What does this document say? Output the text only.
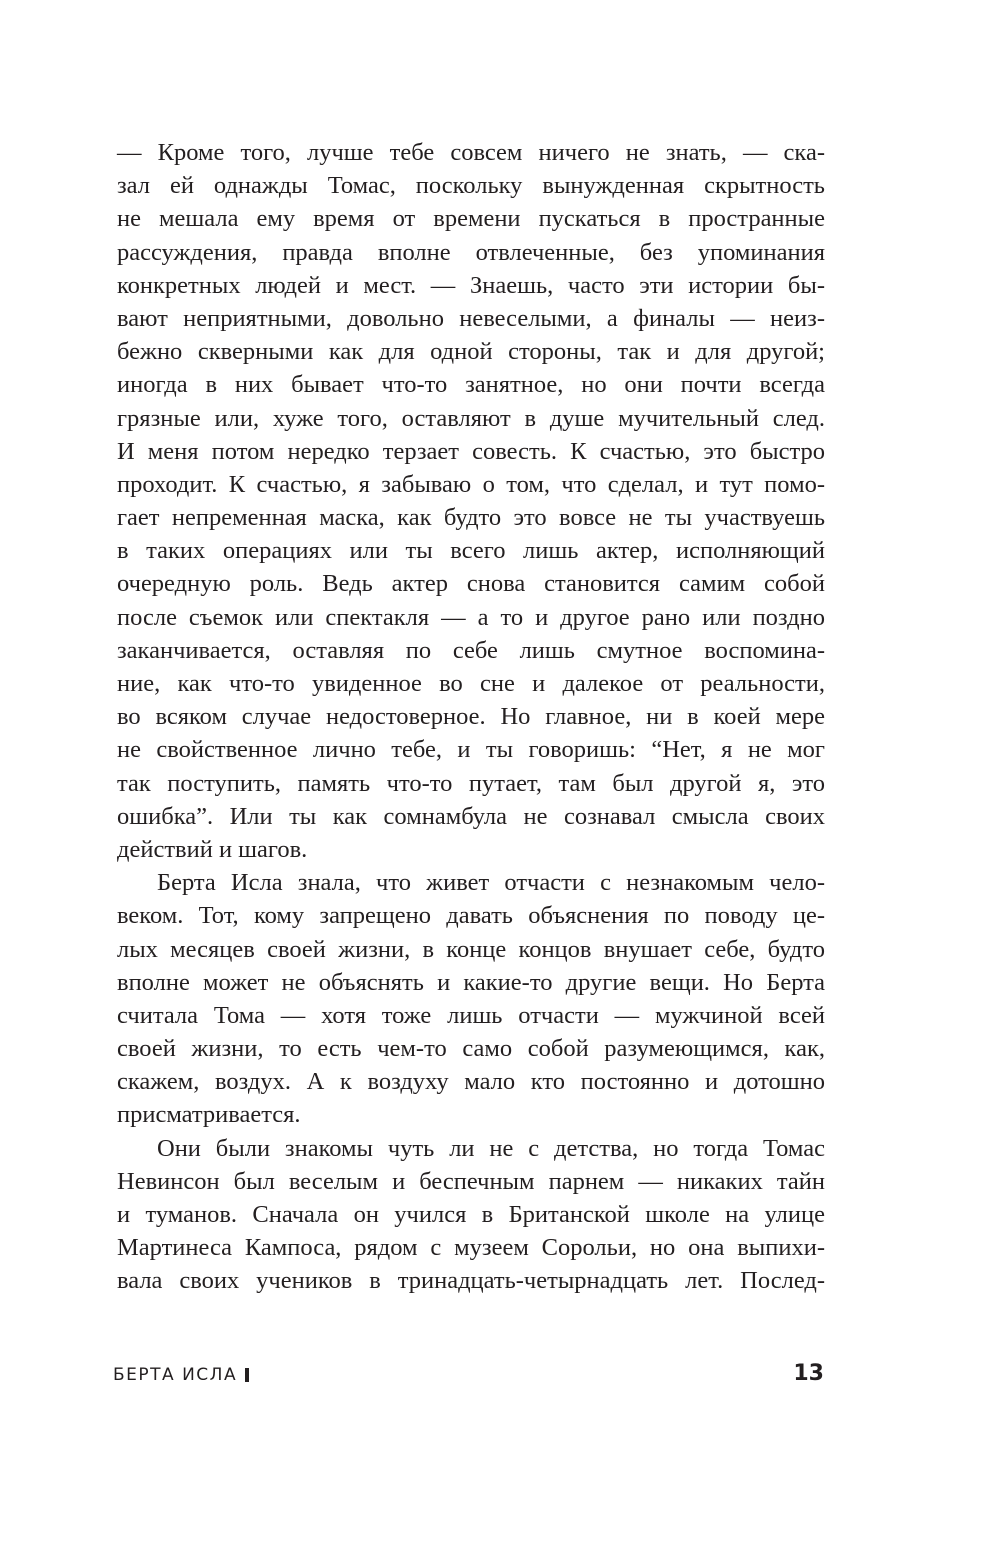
— Кроме того, лучше тебе совсем ничего не знать, — ска-
зал ей однажды Томас, поскольку вынужденная скрытность
не мешала ему время от времени пускаться в пространные
рассуждения, правда вполне отвлеченные, без упоминания
конкретных людей и мест. — Знаешь, часто эти истории бы-
вают неприятными, довольно невеселыми, а финалы — неиз-
бежно скверными как для одной стороны, так и для другой;
иногда в них бывает что-то занятное, но они почти всегда
грязные или, хуже того, оставляют в душе мучительный след.
И меня потом нередко терзает совесть. К счастью, это быстро
проходит. К счастью, я забываю о том, что сделал, и тут помо-
гает непременная маска, как будто это вовсе не ты участвуешь
в таких операциях или ты всего лишь актер, исполняющий
очередную роль. Ведь актер снова становится самим собой
после съемок или спектакля — а то и другое рано или поздно
заканчивается, оставляя по себе лишь смутное воспомина-
ние, как что-то увиденное во сне и далекое от реальности,
во всяком случае недостоверное. Но главное, ни в коей мере
не свойственное лично тебе, и ты говоришь: “Нет, я не мог
так поступить, память что-то путает, там был другой я, это
ошибка”. Или ты как сомнамбула не сознавал смысла своих
действий и шагов.
Берта Исла знала, что живет отчасти с незнакомым чело-
веком. Тот, кому запрещено давать объяснения по поводу це-
лых месяцев своей жизни, в конце концов внушает себе, будто
вполне может не объяснять и какие-то другие вещи. Но Берта
считала Тома — хотя тоже лишь отчасти — мужчиной всей
своей жизни, то есть чем-то само собой разумеющимся, как,
скажем, воздух. А к воздуху мало кто постоянно и дотошно
присматривается.
Они были знакомы чуть ли не с детства, но тогда Томас
Невинсон был веселым и беспечным парнем — никаких тайн
и туманов. Сначала он учился в Британской школе на улице
Мартинеса Кампоса, рядом с музеем Сорольи, но она выпихи-
вала своих учеников в тринадцать-четырнадцать лет. Послед-
БЕРТА ИСЛА	13
